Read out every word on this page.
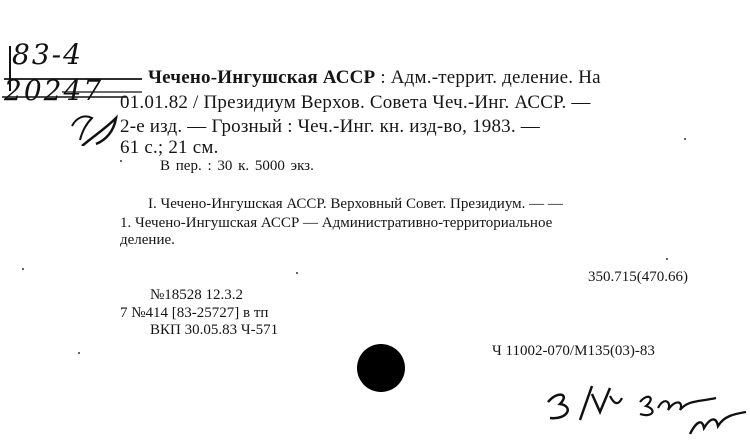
83-4
20247 Чечено-Ингушская АССР : Адм.-террит. деление. На
01.01.82 / Президиум Верхов. Совета Чеч.-Инг. АССР. —
2-е изд. — Грозный : Чеч.-Инг. кн. изд-во, 1983. —
61 с.; 21 см.
В пер. : 30 к. 5000 экз.
I. Чечено-Ингушская АССР. Верховный Совет. Президиум. — —
1. Чечено-Ингушская АССР — Административно-территориальное
деление.
350.715(470.66)
№18528 12.3.2
7 №414 [83-25727] в тп
ВКП 30.05.83 Ч-571
Ч 11002-070/М135(03)-83
